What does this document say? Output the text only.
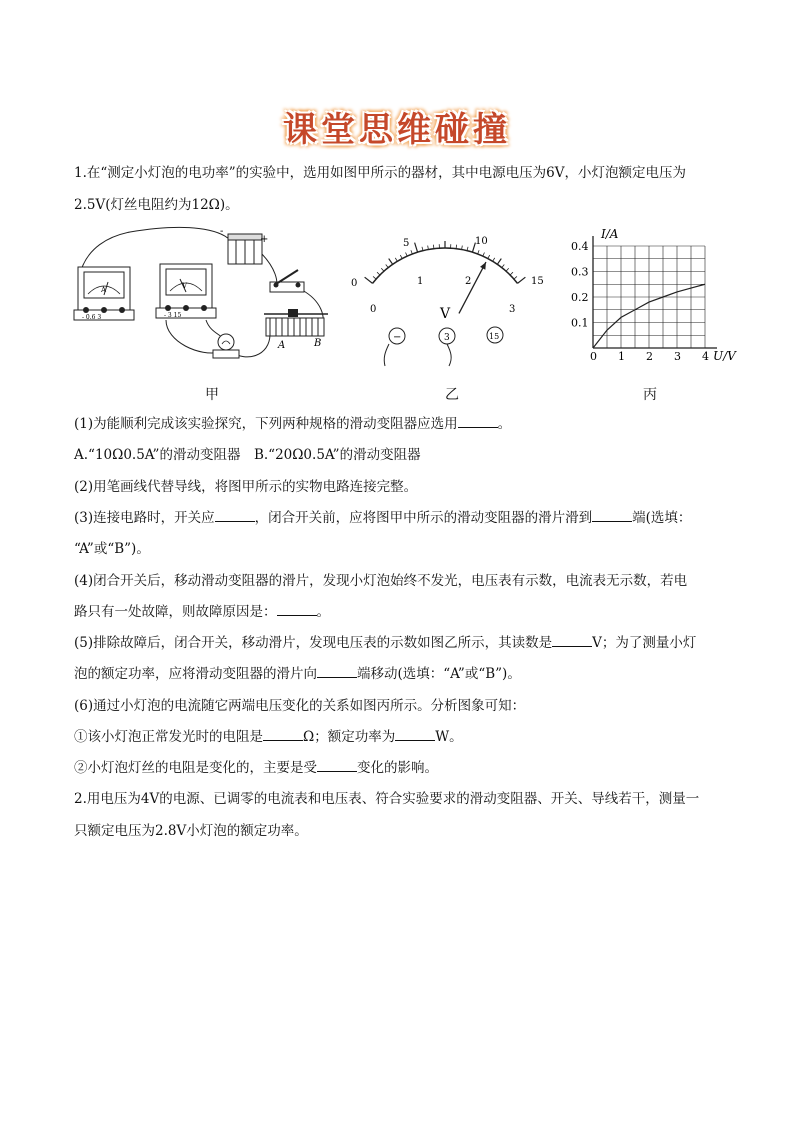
课堂思维碰撞
1.在“测定小灯泡的电功率”的实验中，选用如图甲所示的器材，其中电源电压为6V，小灯泡额定电压为
2.5V(灯丝电阻约为12Ω)。
A
- 0.6 3
V
- 3 15
-
+
A	B
甲
0
5	10
15
0
1	2
3
V
−	3	15
乙
0 1 2 3 4
0.1
0.2
0.3
0.4
I/A
U/V
丙
(1)为能顺利完成该实验探究，下列两种规格的滑动变阻器应选用	。
A.“10Ω0.5A”的滑动变阻器　B.“20Ω0.5A”的滑动变阻器
(2)用笔画线代替导线，将图甲所示的实物电路连接完整。
(3)连接电路时，开关应	，闭合开关前，应将图甲中所示的滑动变阻器的滑片滑到	端(选填：
“A”或“B”)。
(4)闭合开关后，移动滑动变阻器的滑片，发现小灯泡始终不发光，电压表有示数，电流表无示数，若电
路只有一处故障，则故障原因是：	。
(5)排除故障后，闭合开关，移动滑片，发现电压表的示数如图乙所示，其读数是	V；为了测量小灯
泡的额定功率，应将滑动变阻器的滑片向	端移动(选填：“A”或“B”)。
(6)通过小灯泡的电流随它两端电压变化的关系如图丙所示。分析图象可知：
①该小灯泡正常发光时的电阻是	Ω；额定功率为	W。
②小灯泡灯丝的电阻是变化的，主要是受	变化的影响。
2.用电压为4V的电源、已调零的电流表和电压表、符合实验要求的滑动变阻器、开关、导线若干，测量一
只额定电压为2.8V小灯泡的额定功率。
